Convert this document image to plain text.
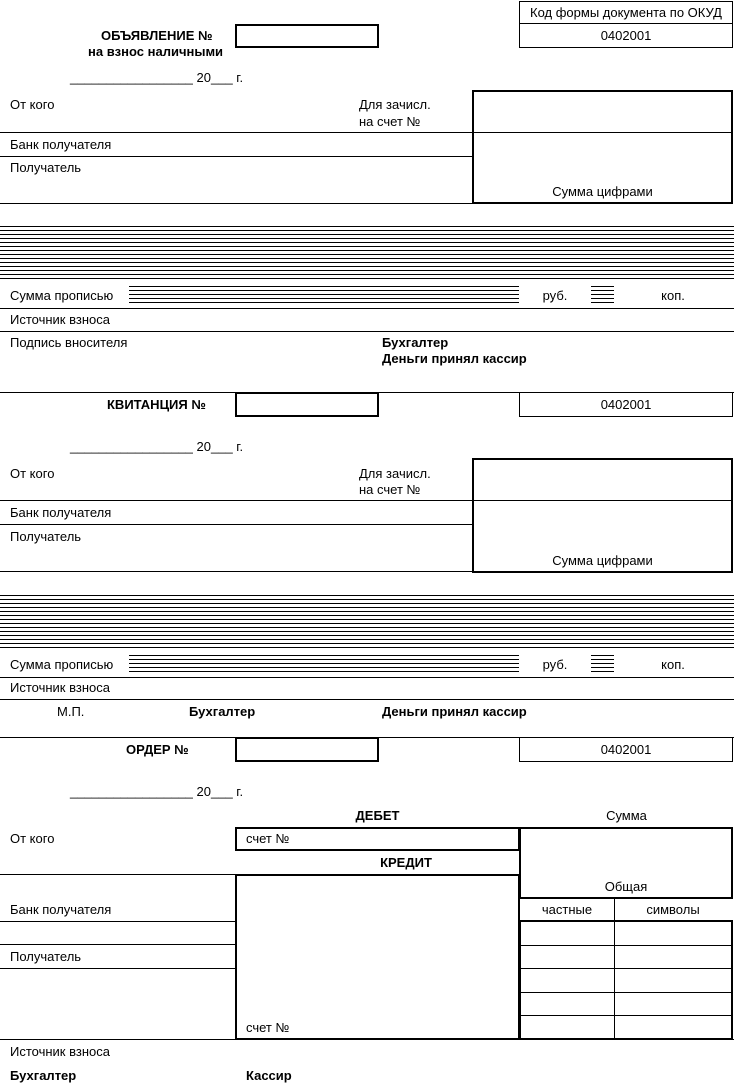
Код формы документа по ОКУД
0402001
ОБЪЯВЛЕНИЕ №
на взнос наличными
_________________ 20___ г.
От кого	Для зачисл.
на счет №
Сумма цифрами
Банк получателя
Получатель
Сумма прописью	руб.	коп.
Источник взноса
Подпись вносителя	Бухгалтер
Деньги принял кассир
КВИТАНЦИЯ №	0402001
_________________ 20___ г.
От кого	Для зачисл.
на счет №
Сумма цифрами
Банк получателя
Получатель
Сумма прописью	руб.	коп.
Источник взноса
М.П.	Бухгалтер	Деньги принял кассир
ОРДЕР №	0402001
_________________ 20___ г.
ДЕБЕТ	Сумма
От кого	счет №
КРЕДИТ
Общая
счет №
частные	символы
Банк получателя
Получатель
Источник взноса
Бухгалтер	Кассир
